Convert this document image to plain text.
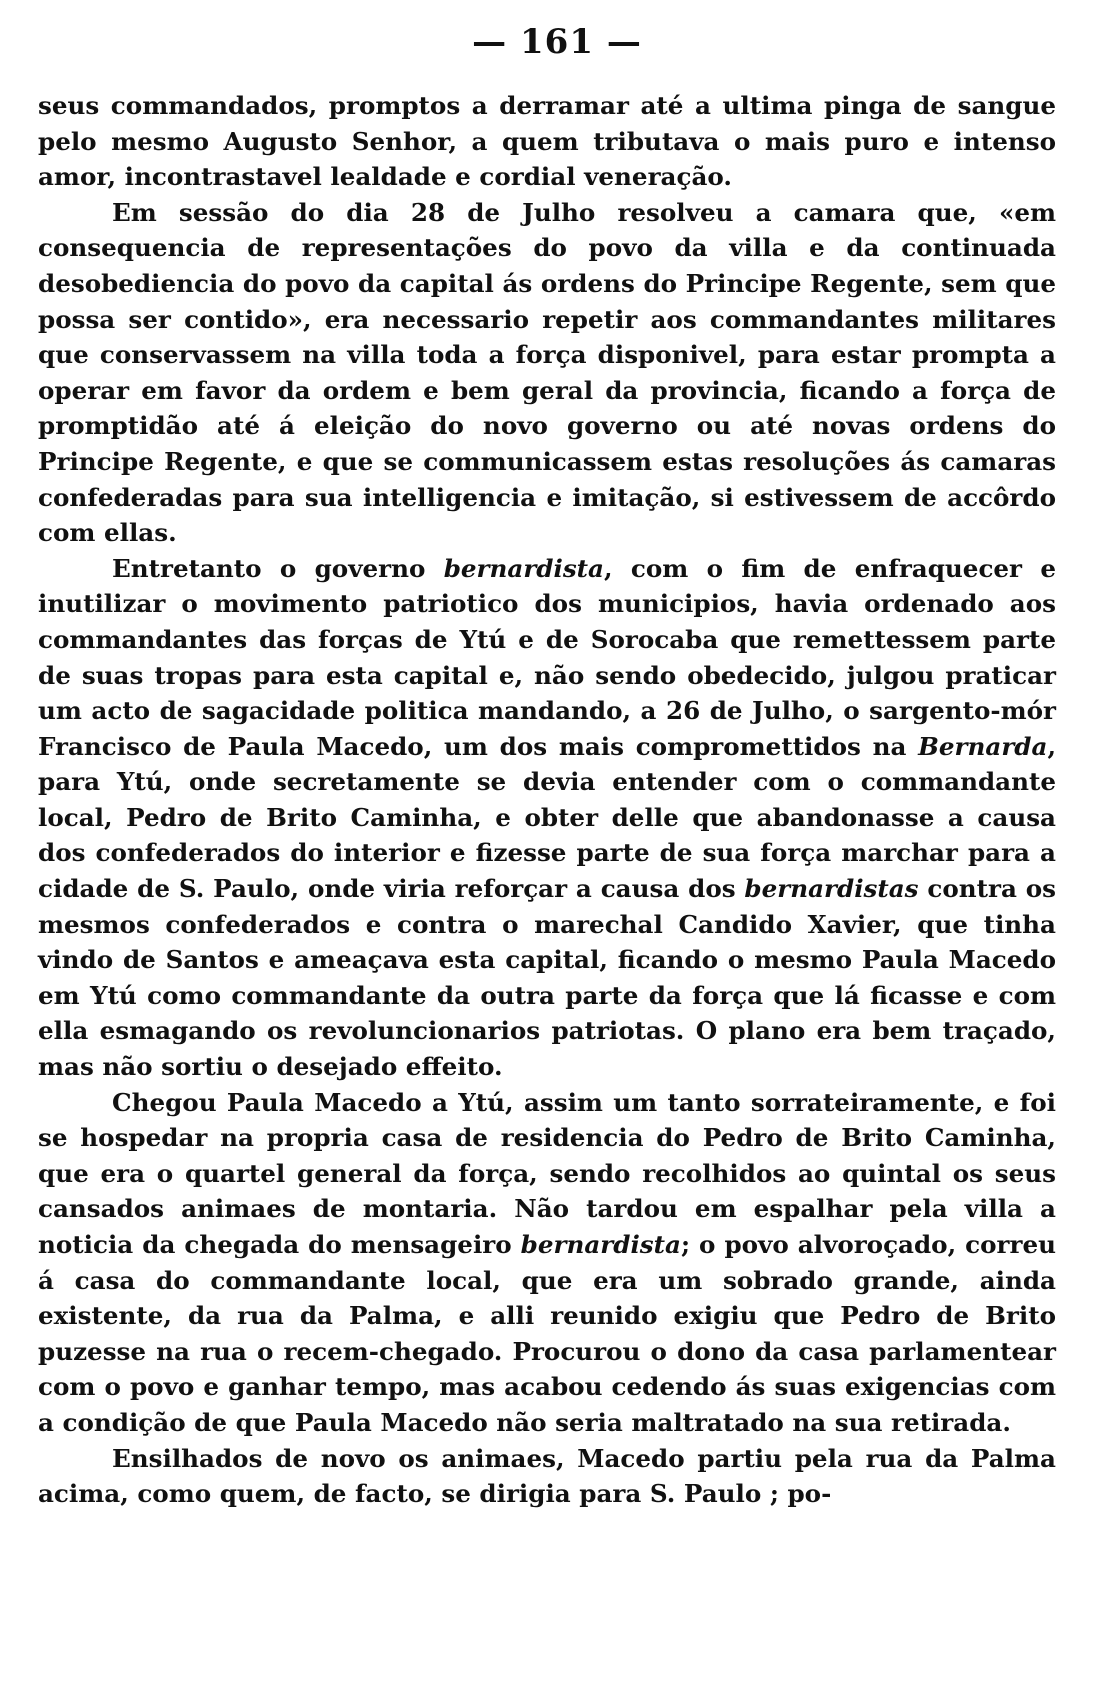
— 161 —

seus commandados, promptos a derramar até a ultima pinga de sangue pelo mesmo Augusto Senhor, a quem tributava o mais puro e intenso amor, incontrastavel lealdade e cordial veneração.

Em sessão do dia 28 de Julho resolveu a camara que, «em consequencia de representações do povo da villa e da continuada desobediencia do povo da capital ás ordens do Principe Regente, sem que possa ser contido», era necessario repetir aos commandantes militares que conservassem na villa toda a força disponivel, para estar prompta a operar em favor da ordem e bem geral da provincia, ficando a força de promptidão até á eleição do novo governo ou até novas ordens do Principe Regente, e que se communicassem estas resoluções ás camaras confederadas para sua intelligencia e imitação, si estivessem de accôrdo com ellas.

Entretanto o governo bernardista, com o fim de enfraquecer e inutilizar o movimento patriotico dos municipios, havia ordenado aos commandantes das forças de Ytú e de Sorocaba que remettessem parte de suas tropas para esta capital e, não sendo obedecido, julgou praticar um acto de sagacidade politica mandando, a 26 de Julho, o sargento-mór Francisco de Paula Macedo, um dos mais compromettidos na Bernarda, para Ytú, onde secretamente se devia entender com o commandante local, Pedro de Brito Caminha, e obter delle que abandonasse a causa dos confederados do interior e fizesse parte de sua força marchar para a cidade de S. Paulo, onde viria reforçar a causa dos bernardistas contra os mesmos confederados e contra o marechal Candido Xavier, que tinha vindo de Santos e ameaçava esta capital, ficando o mesmo Paula Macedo em Ytú como commandante da outra parte da força que lá ficasse e com ella esmagando os revoluncionarios patriotas. O plano era bem traçado, mas não sortiu o desejado effeito.

Chegou Paula Macedo a Ytú, assim um tanto sorrateiramente, e foi se hospedar na propria casa de residencia do Pedro de Brito Caminha, que era o quartel general da força, sendo recolhidos ao quintal os seus cansados animaes de montaria. Não tardou em espalhar pela villa a noticia da chegada do mensageiro bernardista; o povo alvoroçado, correu á casa do commandante local, que era um sobrado grande, ainda existente, da rua da Palma, e alli reunido exigiu que Pedro de Brito puzesse na rua o recem-chegado. Procurou o dono da casa parlamentear com o povo e ganhar tempo, mas acabou cedendo ás suas exigencias com a condição de que Paula Macedo não seria maltratado na sua retirada.

Ensilhados de novo os animaes, Macedo partiu pela rua da Palma acima, como quem, de facto, se dirigia para S. Paulo ; po-
